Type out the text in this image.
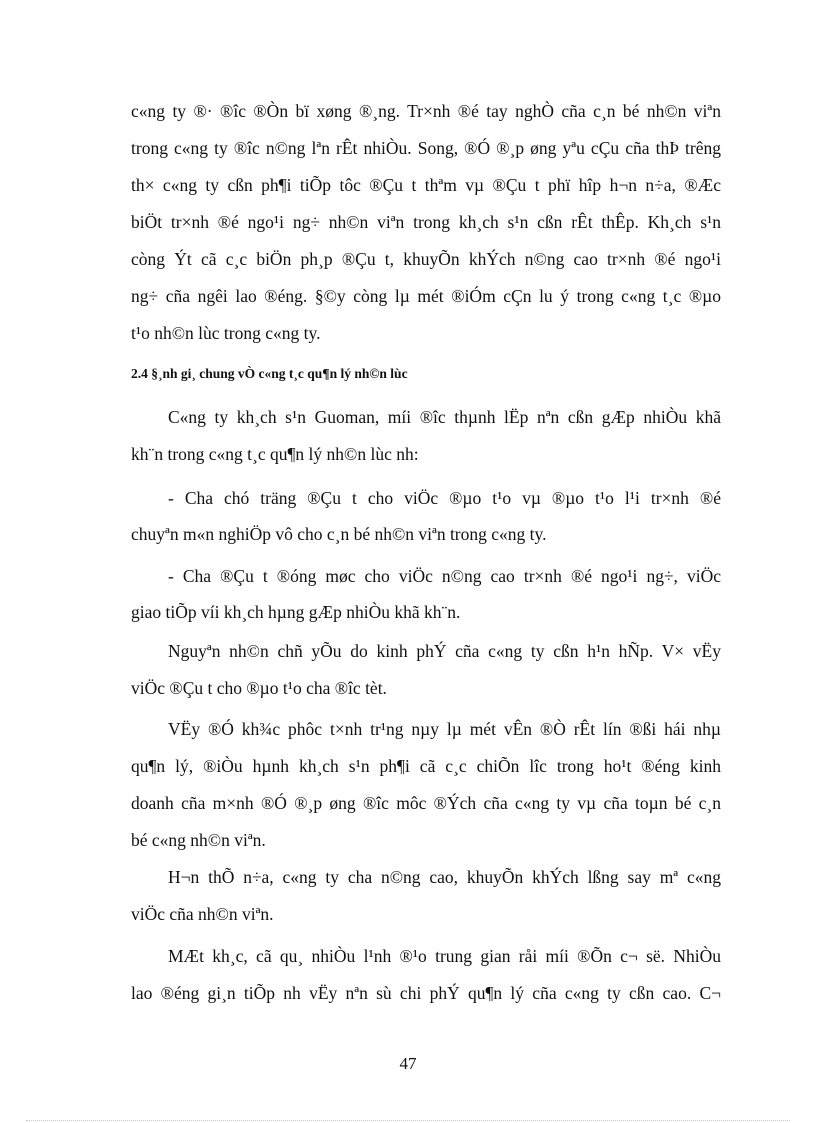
c«ng ty ®· ®îc ®Òn bï xøng ®¸ng. Tr×nh ®é tay nghÒ cña c¸n bé nh©n viªn
trong c«ng ty ®îc n©ng lªn rÊt nhiÒu. Song, ®Ó ®¸p øng yªu cÇu cña thÞ trêng
th× c«ng ty cßn ph¶i tiÕp tôc ®Çu t thªm vµ ®Çu t phï hîp h¬n n÷a, ®Æc
biÖt tr×nh ®é ngo¹i ng÷ nh©n viªn trong kh¸ch s¹n cßn rÊt thÊp. Kh¸ch s¹n
còng Ýt cã c¸c biÖn ph¸p ®Çu t, khuyÕn khÝch n©ng cao tr×nh ®é ngo¹i
ng÷ cña ngêi lao ®éng. §©y còng lµ mét ®iÓm cÇn lu ý trong c«ng t¸c ®µo
t¹o nh©n lùc trong c«ng ty.
2.4 §¸nh gi¸ chung vÒ c«ng t¸c qu¶n lý nh©n lùc
C«ng ty kh¸ch s¹n Guoman, míi ®îc thµnh lËp nªn cßn gÆp nhiÒu khã
kh¨n trong c«ng t¸c qu¶n lý nh©n lùc nh:
- Cha chó träng ®Çu t cho viÖc ®µo t¹o vµ ®µo t¹o l¹i tr×nh ®é
chuyªn m«n nghiÖp vô cho c¸n bé nh©n viªn trong c«ng ty.
- Cha ®Çu t ®óng møc cho viÖc n©ng cao tr×nh ®é ngo¹i ng÷, viÖc
giao tiÕp víi kh¸ch hµng gÆp nhiÒu khã kh¨n.
Nguyªn nh©n chñ yÕu do kinh phÝ cña c«ng ty cßn h¹n hÑp. V× vËy
viÖc ®Çu t cho ®µo t¹o cha ®îc tèt.
VËy ®Ó kh¾c phôc t×nh tr¹ng nµy lµ mét vÊn ®Ò rÊt lín ®ßi hái nhµ
qu¶n lý, ®iÒu hµnh kh¸ch s¹n ph¶i cã c¸c chiÕn lîc trong ho¹t ®éng kinh
doanh cña m×nh ®Ó ®¸p øng ®îc môc ®Ých cña c«ng ty vµ cña toµn bé c¸n
bé c«ng nh©n viªn.
H¬n thÕ n÷a, c«ng ty cha n©ng cao, khuyÕn khÝch lßng say mª c«ng
viÖc cña nh©n viªn.
MÆt kh¸c, cã qu¸ nhiÒu l¹nh ®¹o trung gian råi míi ®Õn c¬ së. NhiÒu
lao ®éng gi¸n tiÕp nh vËy nªn sù chi phÝ qu¶n lý cña c«ng ty cßn cao. C¬
47
